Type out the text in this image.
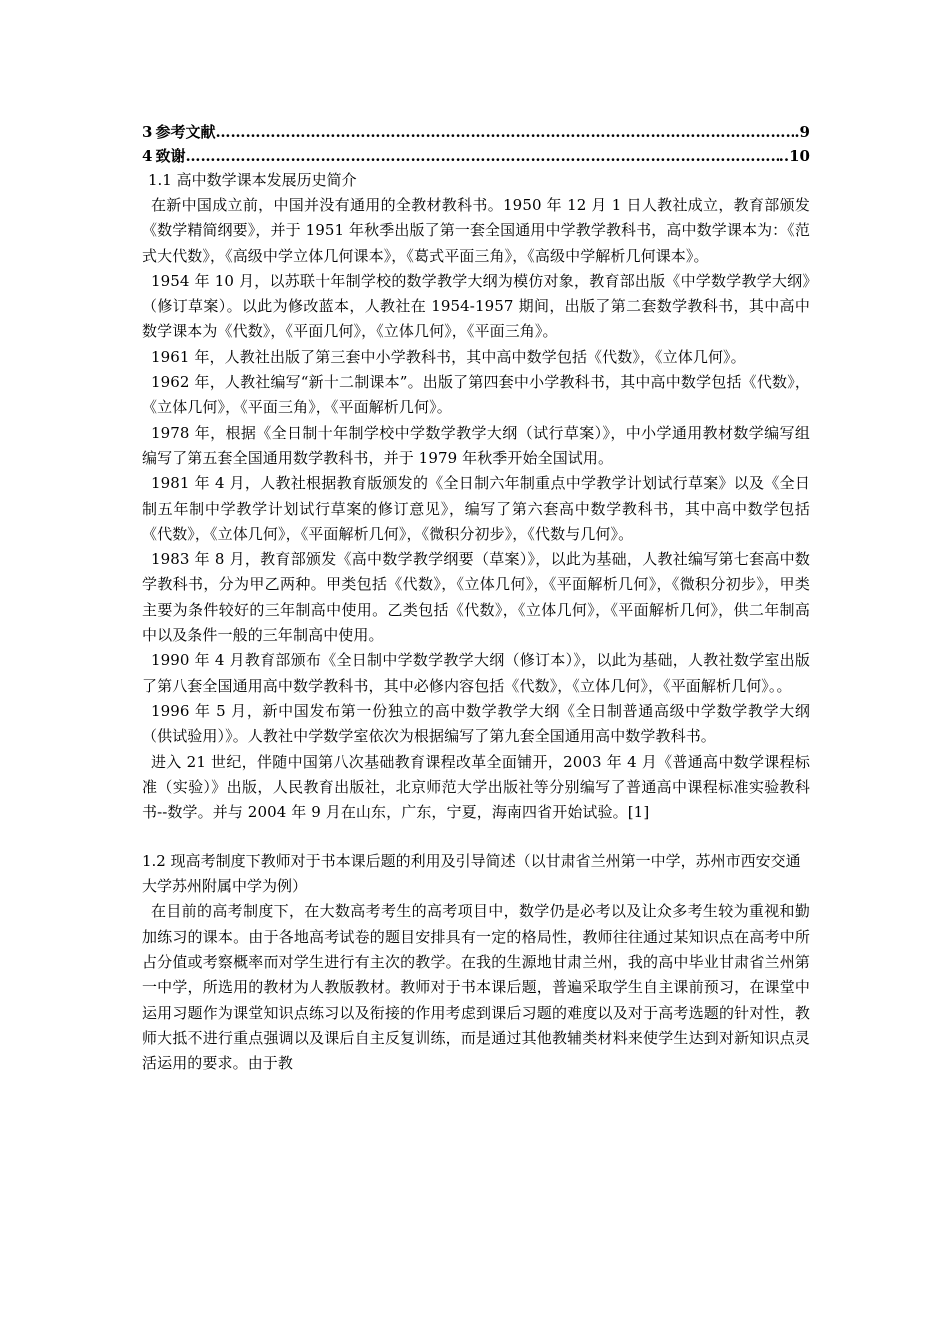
3 参考文献 ……………………………………………………………………………………………………………………………………………………	.9
4 致谢 ……………………………………………………………………………………………………………………………………………………	..10
1.1 高中数学课本发展历史简介

在新中国成立前，中国并没有通用的全教材教科书。1950 年 12 月 1 日人教社成立，教育部颁发《数学精简纲要》，并于 1951 年秋季出版了第一套全国通用中学教学教科书，高中数学课本为：《范式大代数》，《高级中学立体几何课本》，《葛式平面三角》，《高级中学解析几何课本》。

1954 年 10 月，以苏联十年制学校的数学教学大纲为模仿对象，教育部出版《中学数学教学大纲》（修订草案）。以此为修改蓝本，人教社在 1954-1957 期间，出版了第二套数学教科书，其中高中数学课本为《代数》，《平面几何》，《立体几何》，《平面三角》。

1961 年，人教社出版了第三套中小学教科书，其中高中数学包括《代数》，《立体几何》。

1962 年，人教社编写“新十二制课本”。出版了第四套中小学教科书，其中高中数学包括《代数》，《立体几何》，《平面三角》，《平面解析几何》。

1978 年，根据《全日制十年制学校中学数学教学大纲（试行草案）》，中小学通用教材数学编写组编写了第五套全国通用数学教科书，并于 1979 年秋季开始全国试用。

1981 年 4 月，人教社根据教育版颁发的《全日制六年制重点中学教学计划试行草案》以及《全日制五年制中学教学计划试行草案的修订意见》，编写了第六套高中数学教科书，其中高中数学包括《代数》，《立体几何》，《平面解析几何》，《微积分初步》，《代数与几何》。

1983 年 8 月，教育部颁发《高中数学教学纲要（草案）》，以此为基础，人教社编写第七套高中数学教科书，分为甲乙两种。甲类包括《代数》，《立体几何》，《平面解析几何》，《微积分初步》，甲类主要为条件较好的三年制高中使用。乙类包括《代数》，《立体几何》，《平面解析几何》，供二年制高中以及条件一般的三年制高中使用。

1990 年 4 月教育部颁布《全日制中学数学教学大纲（修订本）》，以此为基础，人教社数学室出版了第八套全国通用高中数学教科书，其中必修内容包括《代数》，《立体几何》，《平面解析几何》。。

1996 年 5 月，新中国发布第一份独立的高中数学教学大纲《全日制普通高级中学数学教学大纲（供试验用）》。人教社中学数学室依次为根据编写了第九套全国通用高中数学教科书。

进入 21 世纪，伴随中国第八次基础教育课程改革全面铺开，2003 年 4 月《普通高中数学课程标准（实验）》出版，人民教育出版社，北京师范大学出版社等分别编写了普通高中课程标准实验教科书--数学。并与 2004 年 9 月在山东，广东，宁夏，海南四省开始试验。[1]

1.2 现高考制度下教师对于书本课后题的利用及引导简述（以甘肃省兰州第一中学，苏州市西安交通大学苏州附属中学为例）

在目前的高考制度下，在大数高考考生的高考项目中，数学仍是必考以及让众多考生较为重视和勤加练习的课本。由于各地高考试卷的题目安排具有一定的格局性，教师往往通过某知识点在高考中所占分值或考察概率而对学生进行有主次的教学。在我的生源地甘肃兰州，我的高中毕业甘肃省兰州第一中学，所选用的教材为人教版教材。教师对于书本课后题，普遍采取学生自主课前预习，在课堂中运用习题作为课堂知识点练习以及衔接的作用考虑到课后习题的难度以及对于高考选题的针对性，教师大抵不进行重点强调以及课后自主反复训练，而是通过其他教辅类材料来使学生达到对新知识点灵活运用的要求。由于教
